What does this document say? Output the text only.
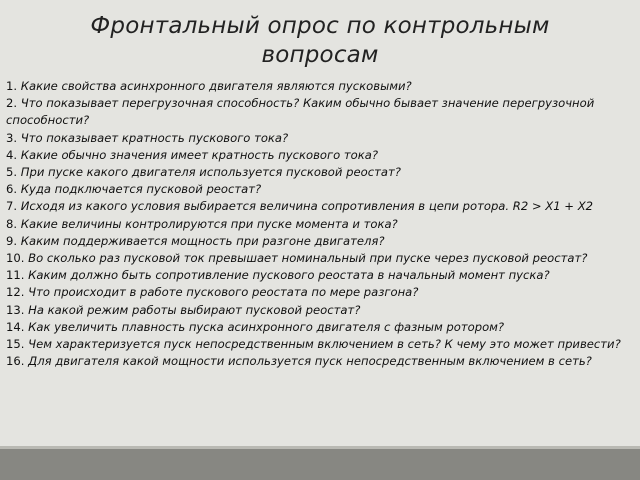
Фронтальный опрос по контрольным
вопросам
1. Какие свойства асинхронного двигателя являются пусковыми?
2. Что показывает перегрузочная способность? Каким обычно бывает значение перегрузочной способности?
3. Что показывает кратность пускового тока?
4. Какие обычно значения имеет кратность пускового тока?
5. При пуске какого двигателя используется пусковой реостат?
6. Куда подключается пусковой реостат?
7. Исходя из какого условия выбирается величина сопротивления в цепи ротора. R2 > X1 + X2
8. Какие величины контролируются при пуске момента и тока?
9. Каким поддерживается мощность при разгоне двигателя?
10. Во сколько раз пусковой ток превышает номинальный при пуске через пусковой реостат?
11. Каким должно быть сопротивление пускового реостата в начальный момент пуска?
12. Что происходит в работе пускового реостата по мере разгона?
13. На какой режим работы выбирают пусковой реостат?
14. Как увеличить плавность пуска асинхронного двигателя с фазным ротором?
15. Чем характеризуется пуск непосредственным включением в сеть? К чему это может привести?
16. Для двигателя какой мощности используется пуск непосредственным включением в сеть?
